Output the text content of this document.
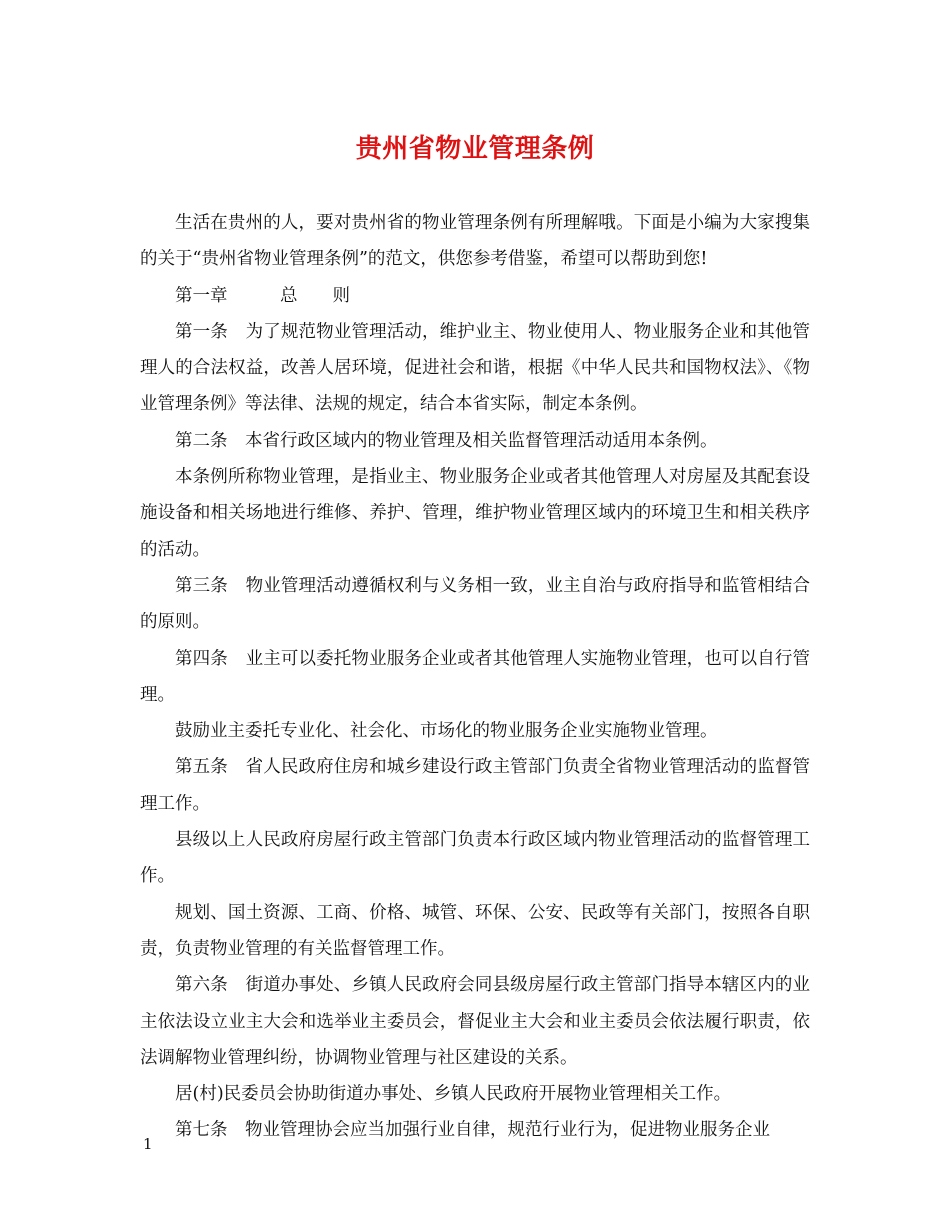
贵州省物业管理条例

生活在贵州的人，要对贵州省的物业管理条例有所理解哦。下面是小编为大家搜集的关于“贵州省物业管理条例”的范文，供您参考借鉴，希望可以帮助到您!

第一章　　　总　　则

第一条　为了规范物业管理活动，维护业主、物业使用人、物业服务企业和其他管理人的合法权益，改善人居环境，促进社会和谐，根据《中华人民共和国物权法》、《物业管理条例》等法律、法规的规定，结合本省实际，制定本条例。

第二条　本省行政区域内的物业管理及相关监督管理活动适用本条例。

本条例所称物业管理，是指业主、物业服务企业或者其他管理人对房屋及其配套设施设备和相关场地进行维修、养护、管理，维护物业管理区域内的环境卫生和相关秩序的活动。

第三条　物业管理活动遵循权利与义务相一致，业主自治与政府指导和监管相结合的原则。

第四条　业主可以委托物业服务企业或者其他管理人实施物业管理，也可以自行管理。

鼓励业主委托专业化、社会化、市场化的物业服务企业实施物业管理。

第五条　省人民政府住房和城乡建设行政主管部门负责全省物业管理活动的监督管理工作。

县级以上人民政府房屋行政主管部门负责本行政区域内物业管理活动的监督管理工作。

规划、国土资源、工商、价格、城管、环保、公安、民政等有关部门，按照各自职责，负责物业管理的有关监督管理工作。

第六条　街道办事处、乡镇人民政府会同县级房屋行政主管部门指导本辖区内的业主依法设立业主大会和选举业主委员会，督促业主大会和业主委员会依法履行职责，依法调解物业管理纠纷，协调物业管理与社区建设的关系。

居(村)民委员会协助街道办事处、乡镇人民政府开展物业管理相关工作。

第七条　物业管理协会应当加强行业自律，规范行业行为，促进物业服务企业

1
